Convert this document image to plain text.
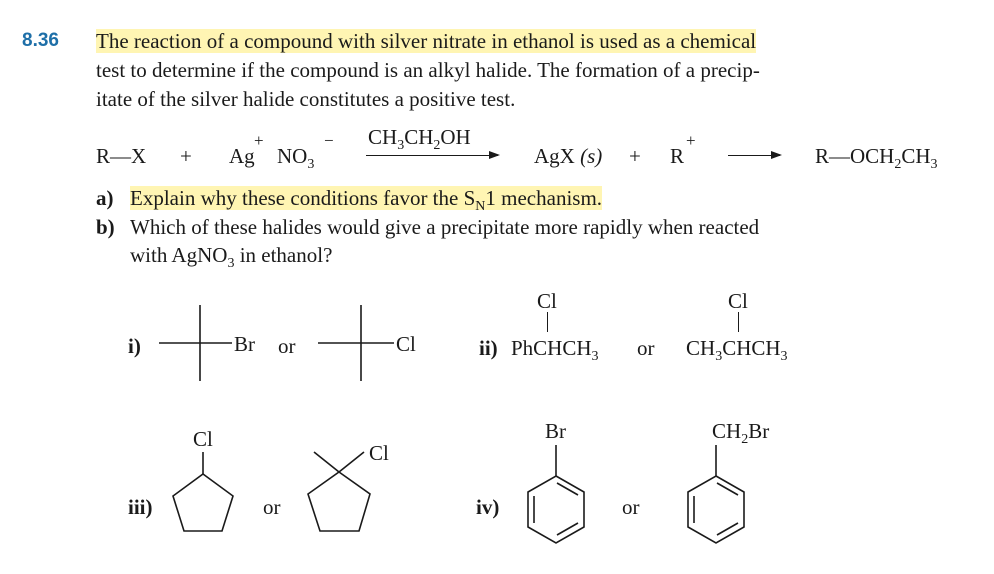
8.36 The reaction of a compound with silver nitrate in ethanol is used as a chemical
test to determine if the compound is an alkyl halide. The formation of a precip-
itate of the silver halide constitutes a positive test.
R—X + Ag
+
$NO_3$
− $CH_3CH_2OH$
AgX (s) + R
+
$R—OCH_2CH_3$
a) Explain why these conditions favor the $S_N1$ mechanism.
b) Which of these halides would give a precipitate more rapidly when reacted
with AgNO$_3$ in ethanol?
i)	Br or	Cl	ii)
Cl
PhCHCH$_3$ or
Cl
$CH_3CHCH_3$
iii)
Cl
or
Cl
iv)
Br
or
$CH_2Br$
